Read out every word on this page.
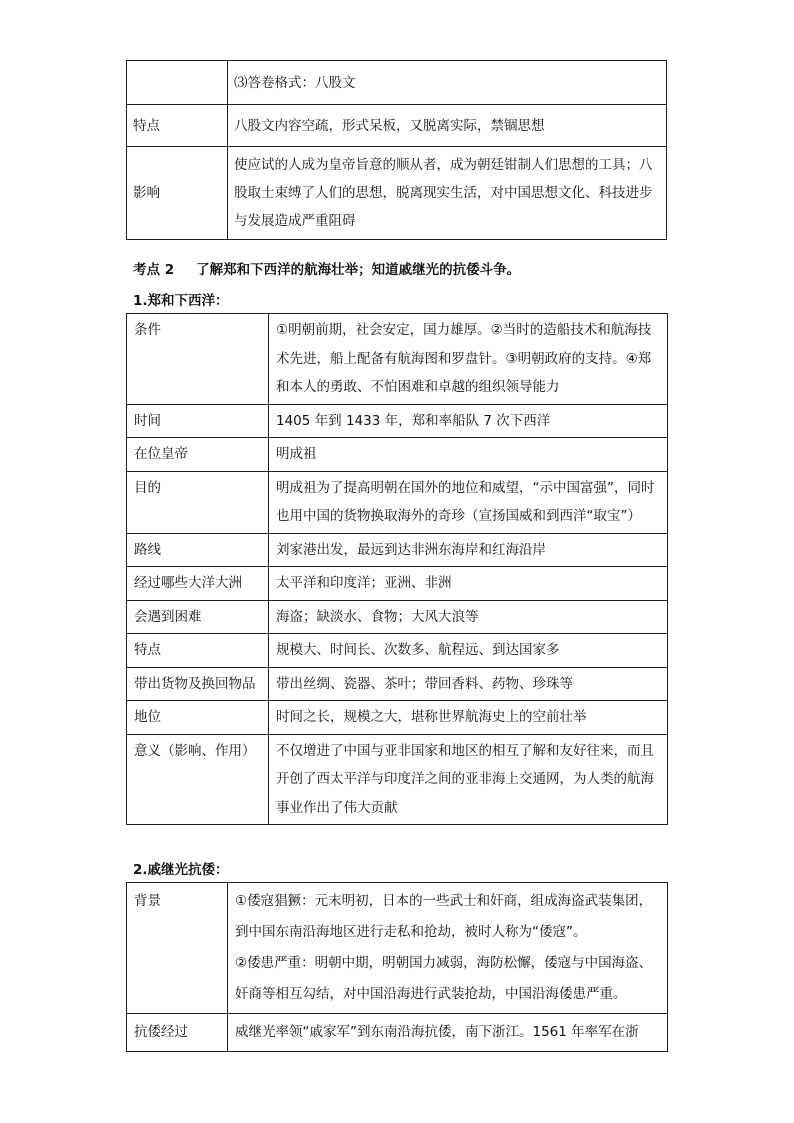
	⑶答卷格式：八股文

特点	八股文内容空疏，形式呆板，又脱离实际，禁锢思想

影响	使应试的人成为皇帝旨意的顺从者，成为朝廷钳制人们思想的工具；八股取士束缚了人们的思想，脱离现实生活，对中国思想文化、科技进步与发展造成严重阻碍
考点 2 了解郑和下西洋的航海壮举；知道戚继光的抗倭斗争。
1.郑和下西洋：
条件	①明朝前期，社会安定，国力雄厚。②当时的造船技术和航海技术先进，船上配备有航海图和罗盘针。③明朝政府的支持。④郑和本人的勇敢、不怕困难和卓越的组织领导能力
时间	1405 年到 1433 年，郑和率船队 7 次下西洋
在位皇帝	明成祖
目的	明成祖为了提高明朝在国外的地位和威望，“示中国富强”，同时也用中国的货物换取海外的奇珍（宣扬国威和到西洋“取宝”）
路线	刘家港出发，最远到达非洲东海岸和红海沿岸
经过哪些大洋大洲	太平洋和印度洋；亚洲、非洲
会遇到困难	海盗；缺淡水、食物；大风大浪等
特点	规模大、时间长、次数多、航程远、到达国家多
带出货物及换回物品	带出丝绸、瓷器、茶叶；带回香料、药物、珍珠等
地位	时间之长，规模之大，堪称世界航海史上的空前壮举
意义（影响、作用）	不仅增进了中国与亚非国家和地区的相互了解和友好往来，而且开创了西太平洋与印度洋之间的亚非海上交通网，为人类的航海事业作出了伟大贡献
2.戚继光抗倭：
背景	①倭寇猖獗：元末明初，日本的一些武士和奸商，组成海盗武装集团，到中国东南沿海地区进行走私和抢劫，被时人称为“倭寇”。
②倭患严重：明朝中期，明朝国力减弱，海防松懈，倭寇与中国海盗、奸商等相互勾结，对中国沿海进行武装抢劫，中国沿海倭患严重。

抗倭经过	威继光率领“戚家军”到东南沿海抗倭，南下浙江。1561 年率军在浙
